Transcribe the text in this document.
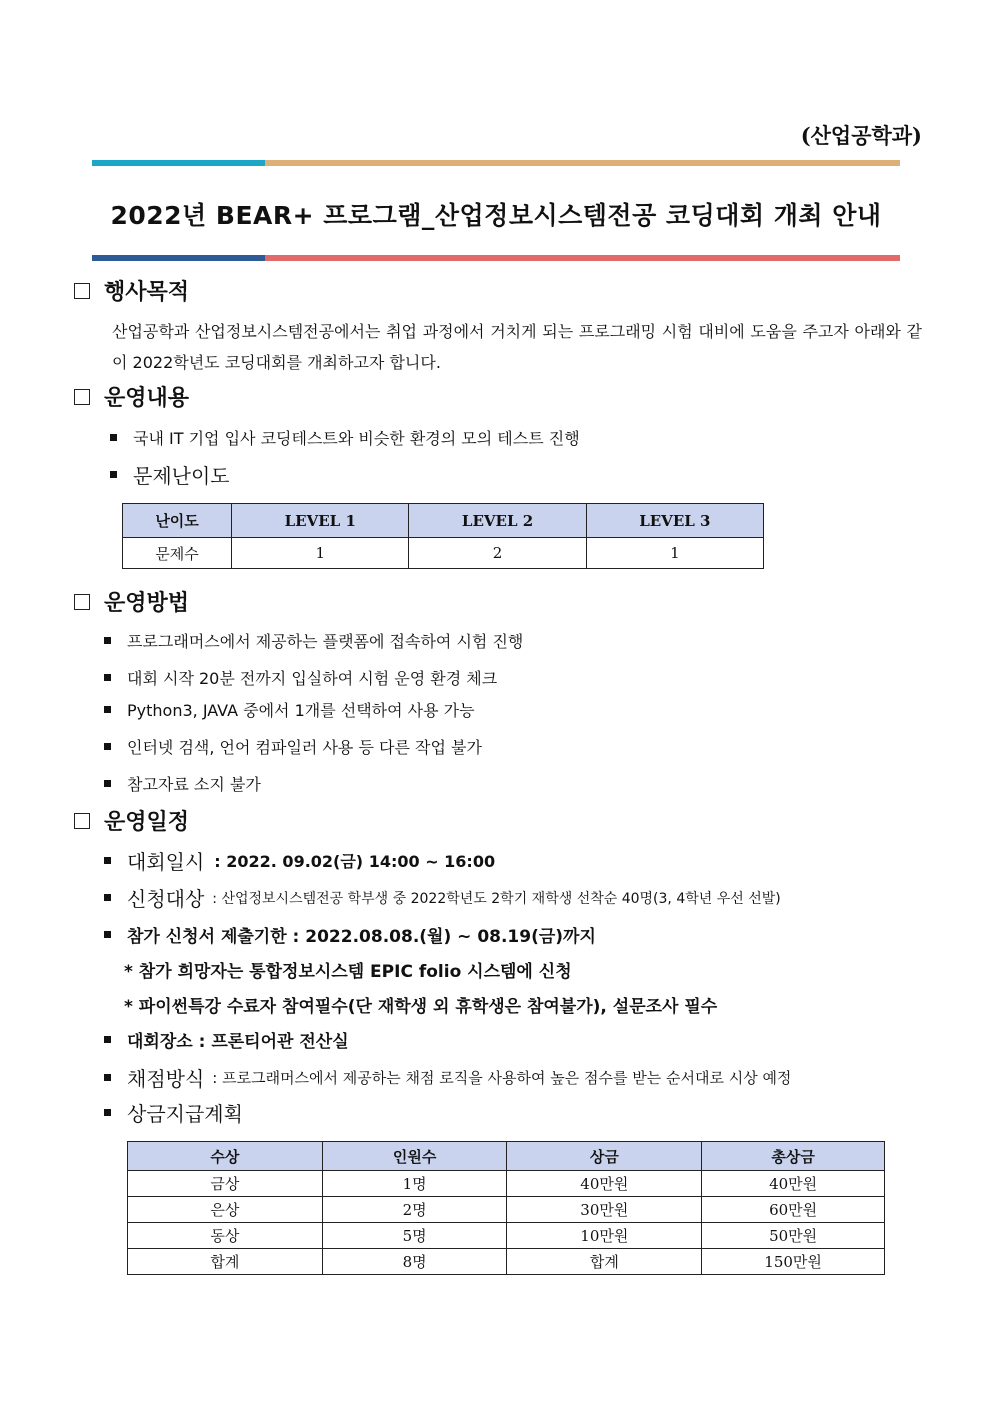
(산업공학과)
2022년 BEAR+ 프로그램_산업정보시스템전공 코딩대회 개최 안내
행사목적
산업공학과 산업정보시스템전공에서는 취업 과정에서 거치게 되는 프로그래밍 시험 대비에 도움을 주고자 아래와 같이 2022학년도 코딩대회를 개최하고자 합니다.
운영내용
국내 IT 기업 입사 코딩테스트와 비슷한 환경의 모의 테스트 진행
문제난이도
난이도	LEVEL 1	LEVEL 2	LEVEL 3
문제수	1	2	1
운영방법
프로그래머스에서 제공하는 플랫폼에 접속하여 시험 진행
대회 시작 20분 전까지 입실하여 시험 운영 환경 체크
Python3, JAVA 중에서 1개를 선택하여 사용 가능
인터넷 검색, 언어 컴파일러 사용 등 다른 작업 불가
참고자료 소지 불가
운영일정
대회일시 : 2022. 09.02(금) 14:00 ~ 16:00
신청대상 : 산업정보시스템전공 학부생 중 2022학년도 2학기 재학생 선착순 40명(3, 4학년 우선 선발)
참가 신청서 제출기한 : 2022.08.08.(월) ~ 08.19(금)까지
* 참가 희망자는 통합정보시스템 EPIC folio 시스템에 신청
* 파이썬특강 수료자 참여필수(단 재학생 외 휴학생은 참여불가), 설문조사 필수
대회장소 : 프론티어관 전산실
채점방식 : 프로그래머스에서 제공하는 채점 로직을 사용하여 높은 점수를 받는 순서대로 시상 예정
상금지급계획
수상	인원수	상금	총상금
금상	1명	40만원	40만원
은상	2명	30만원	60만원
동상	5명	10만원	50만원
합계	8명	합계	150만원
